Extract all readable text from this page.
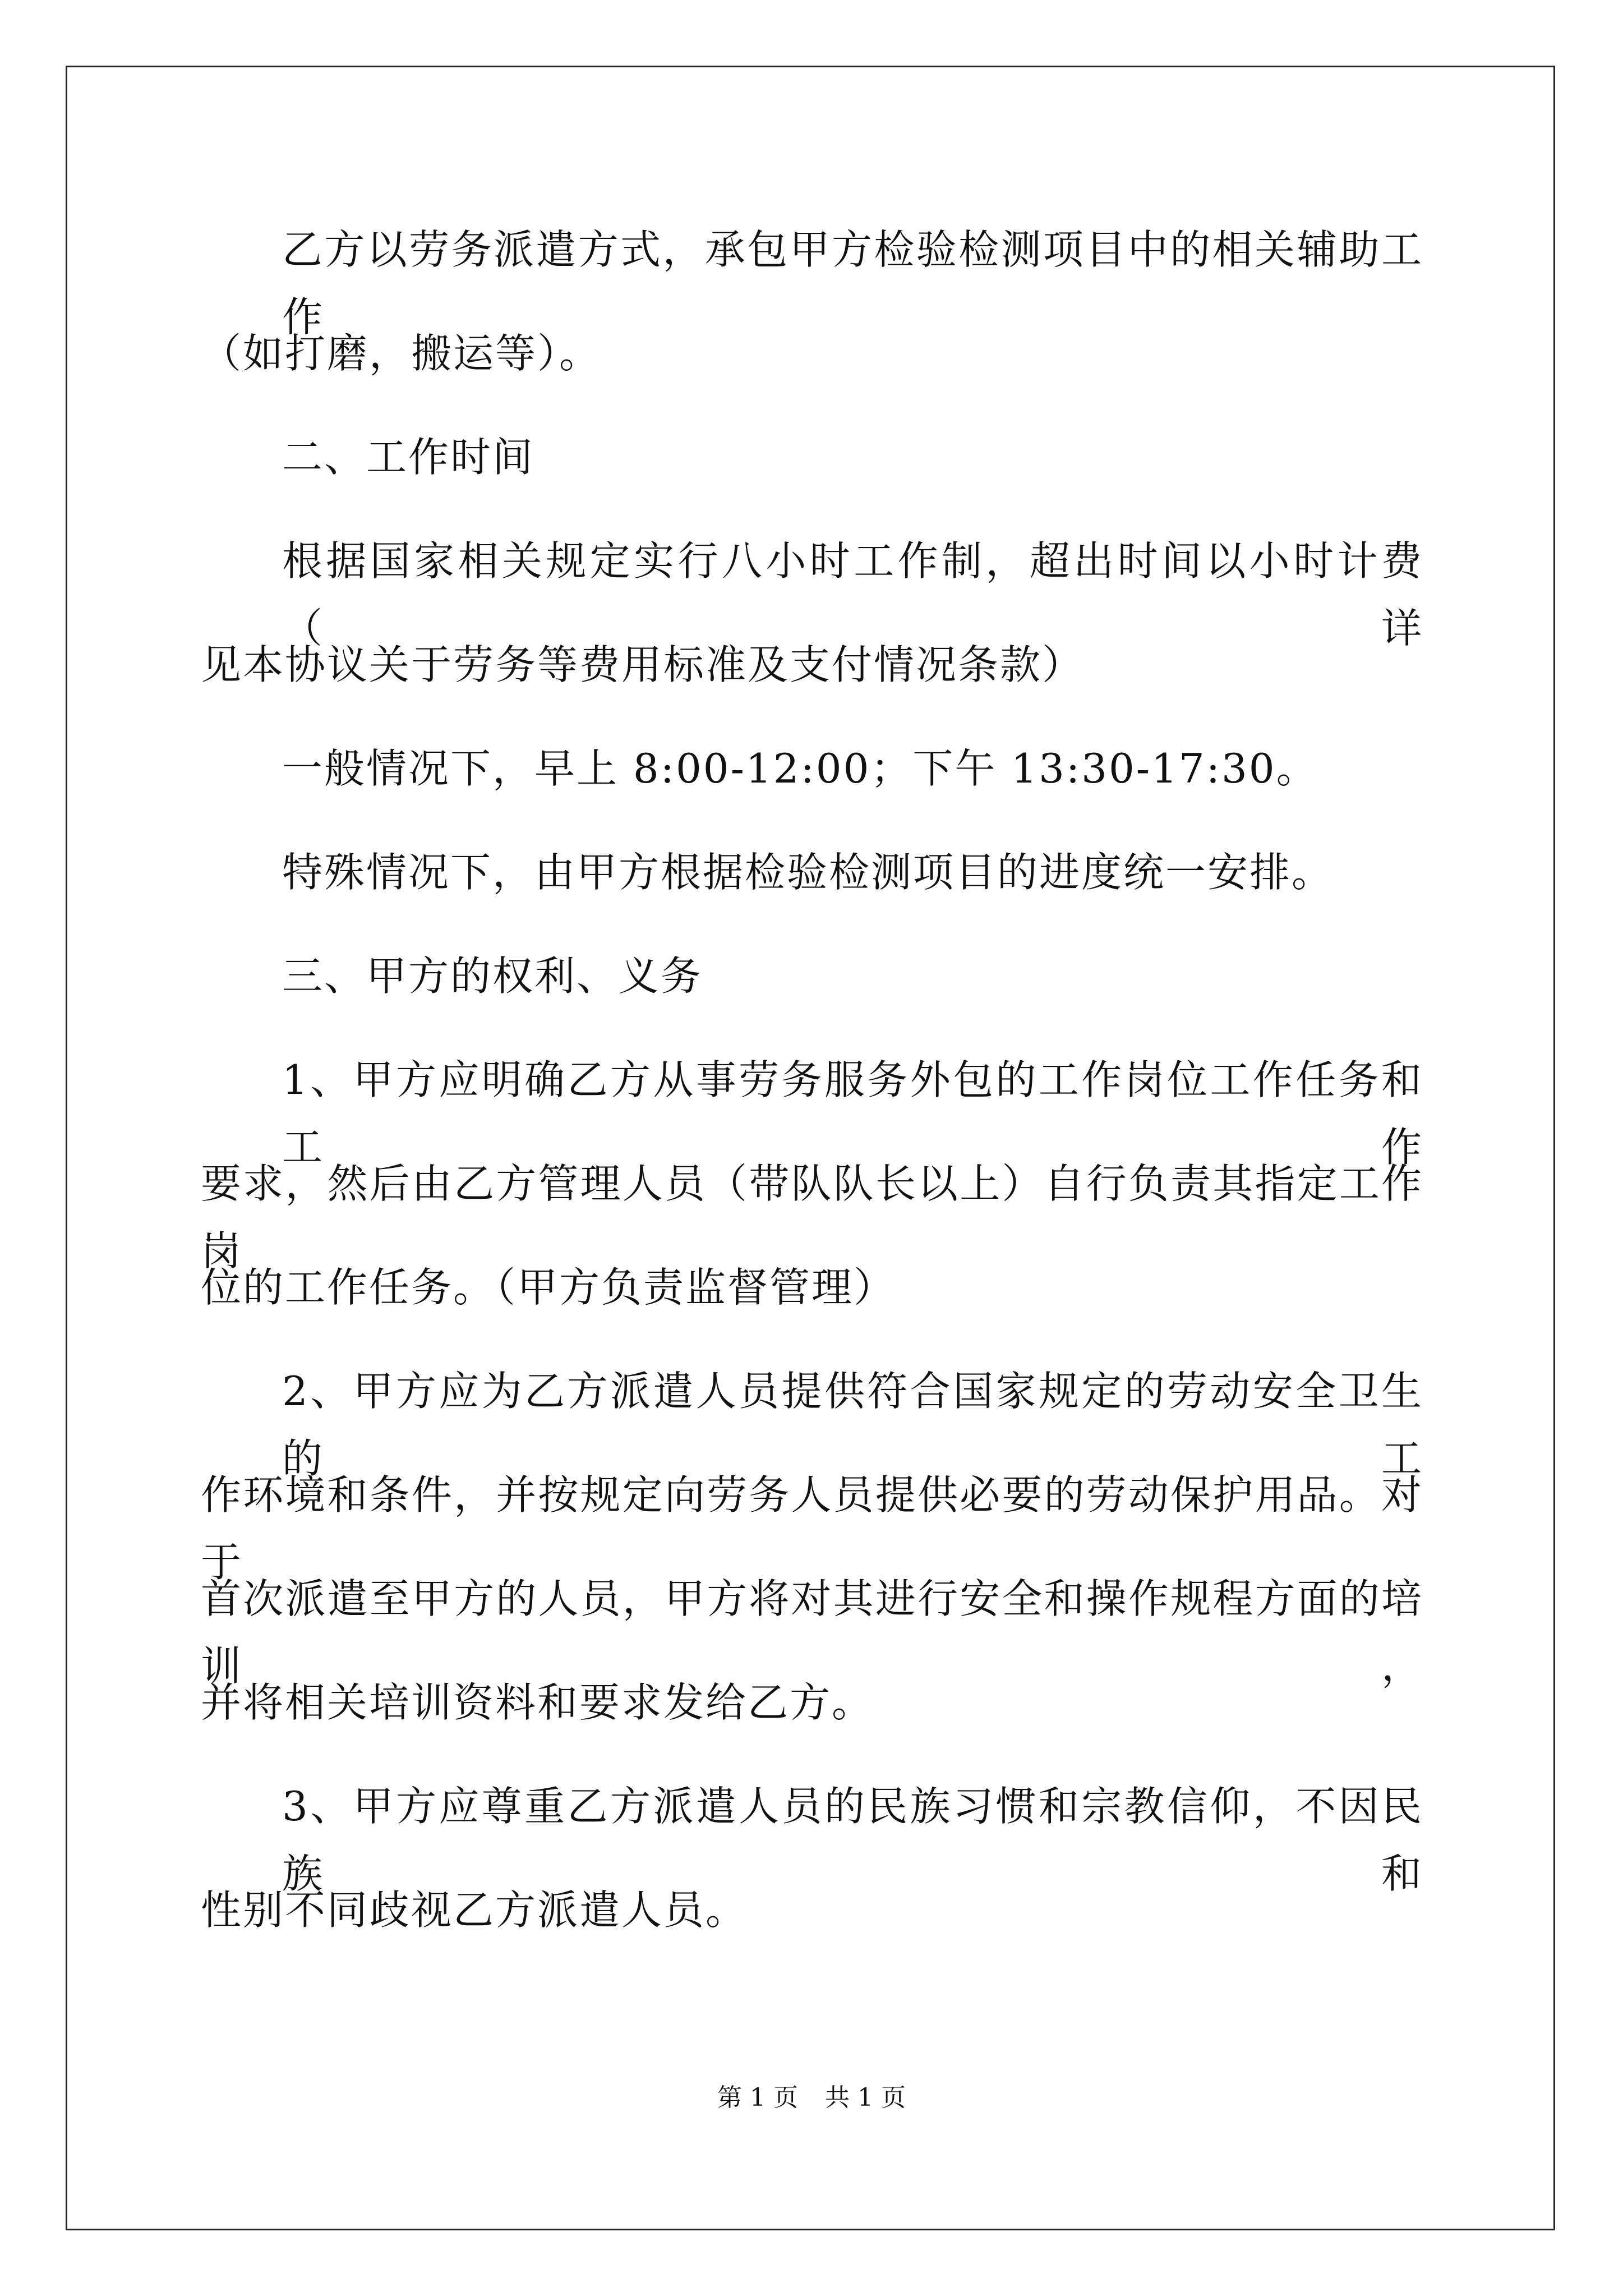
乙方以劳务派遣方式，承包甲方检验检测项目中的相关辅助工作
（如打磨，搬运等）。
二、工作时间
根据国家相关规定实行八小时工作制，超出时间以小时计费（详
见本协议关于劳务等费用标准及支付情况条款）
一般情况下，早上 8:00-12:00；下午 13:30-17:30。
特殊情况下，由甲方根据检验检测项目的进度统一安排。
三、甲方的权利、义务
1、甲方应明确乙方从事劳务服务外包的工作岗位工作任务和工作
要求，然后由乙方管理人员（带队队长以上）自行负责其指定工作岗
位的工作任务。（甲方负责监督管理）
2、甲方应为乙方派遣人员提供符合国家规定的劳动安全卫生的工
作环境和条件，并按规定向劳务人员提供必要的劳动保护用品。对于
首次派遣至甲方的人员，甲方将对其进行安全和操作规程方面的培训，
并将相关培训资料和要求发给乙方。
3、甲方应尊重乙方派遣人员的民族习惯和宗教信仰，不因民族和
性别不同歧视乙方派遣人员。
第 1 页 共 1 页
